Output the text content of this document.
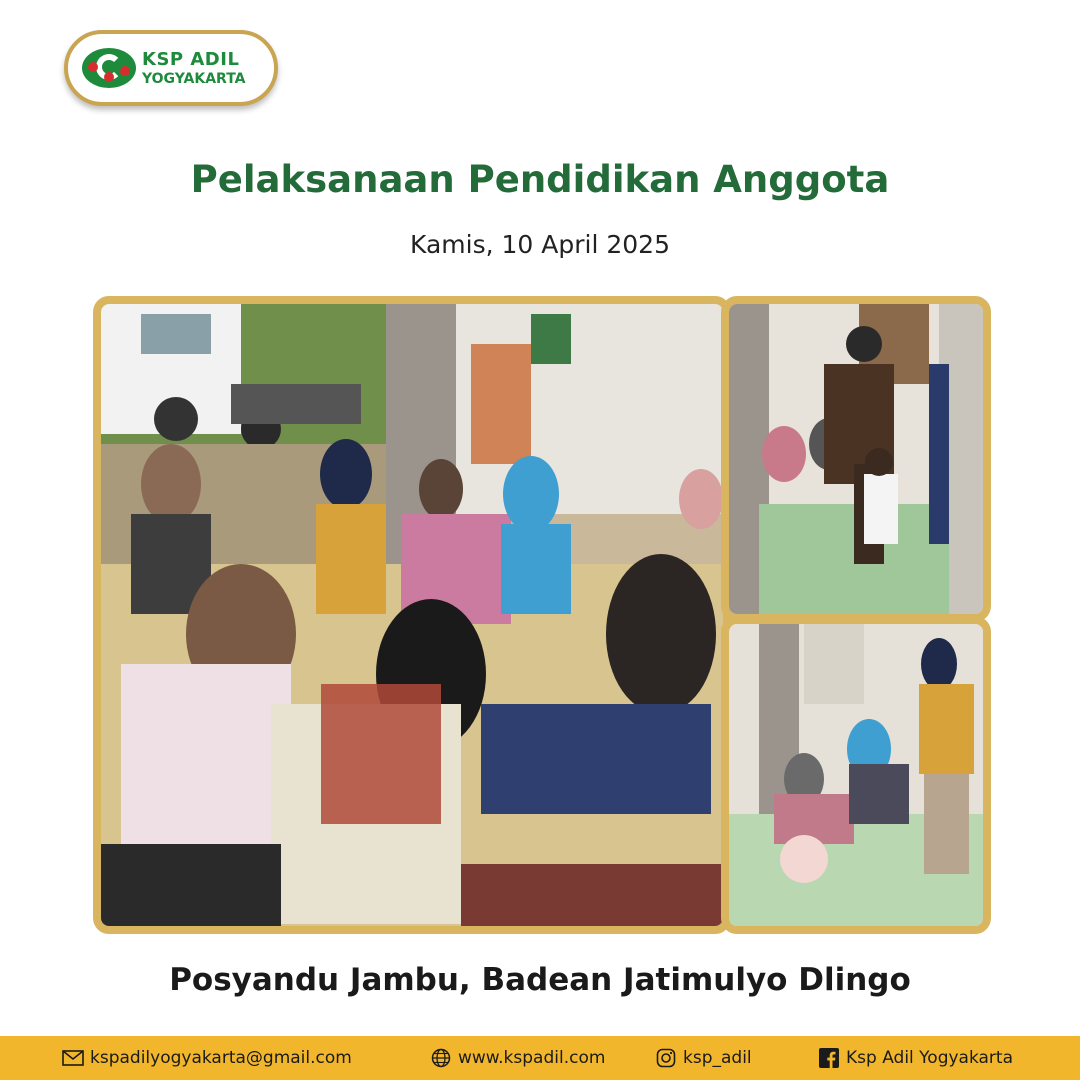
KSP ADIL
YOGYAKARTA
Pelaksanaan Pendidikan Anggota
Kamis, 10 April 2025
Posyandu Jambu, Badean Jatimulyo Dlingo
kspadilyogyakarta@gmail.com	www.kspadil.com	ksp_adil	Ksp Adil Yogyakarta
